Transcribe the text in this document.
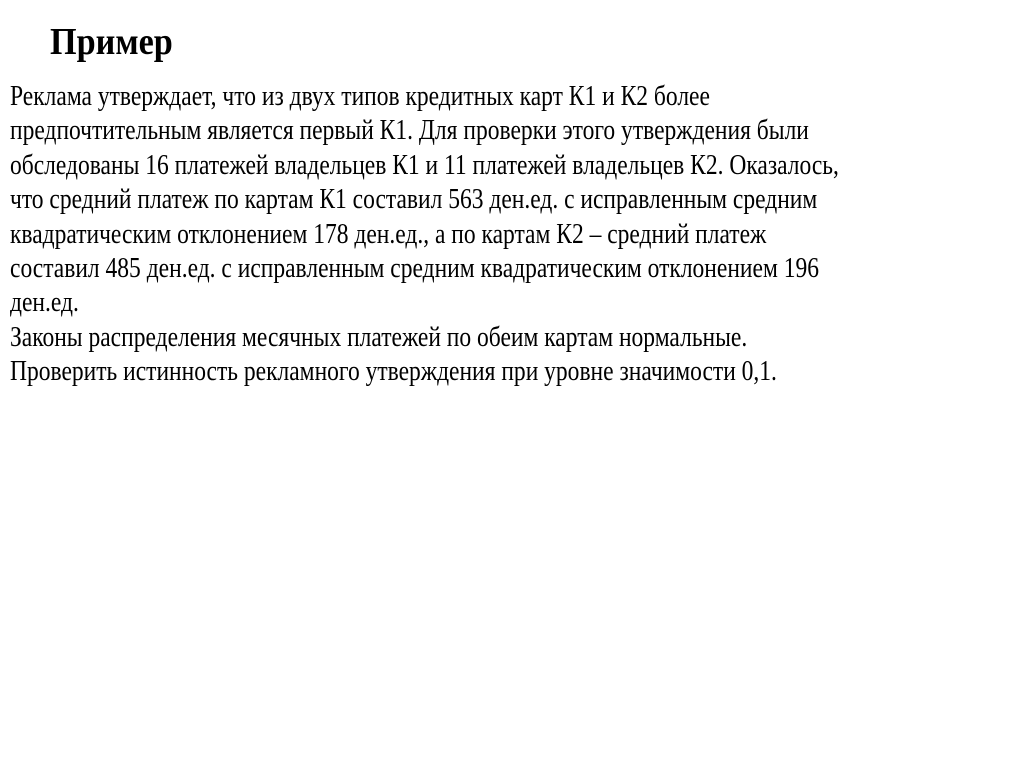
Пример
Реклама утверждает, что из двух типов кредитных карт К1 и К2 более
предпочтительным является первый К1. Для проверки этого утверждения были
обследованы 16 платежей владельцев К1 и 11 платежей владельцев К2. Оказалось,
что средний платеж по картам К1 составил 563 ден.ед. с исправленным средним
квадратическим отклонением 178 ден.ед., а по картам К2 – средний платеж
составил 485 ден.ед. с исправленным средним квадратическим отклонением 196
ден.ед.
Законы распределения месячных платежей по обеим картам нормальные.
Проверить истинность рекламного утверждения при уровне значимости 0,1.
